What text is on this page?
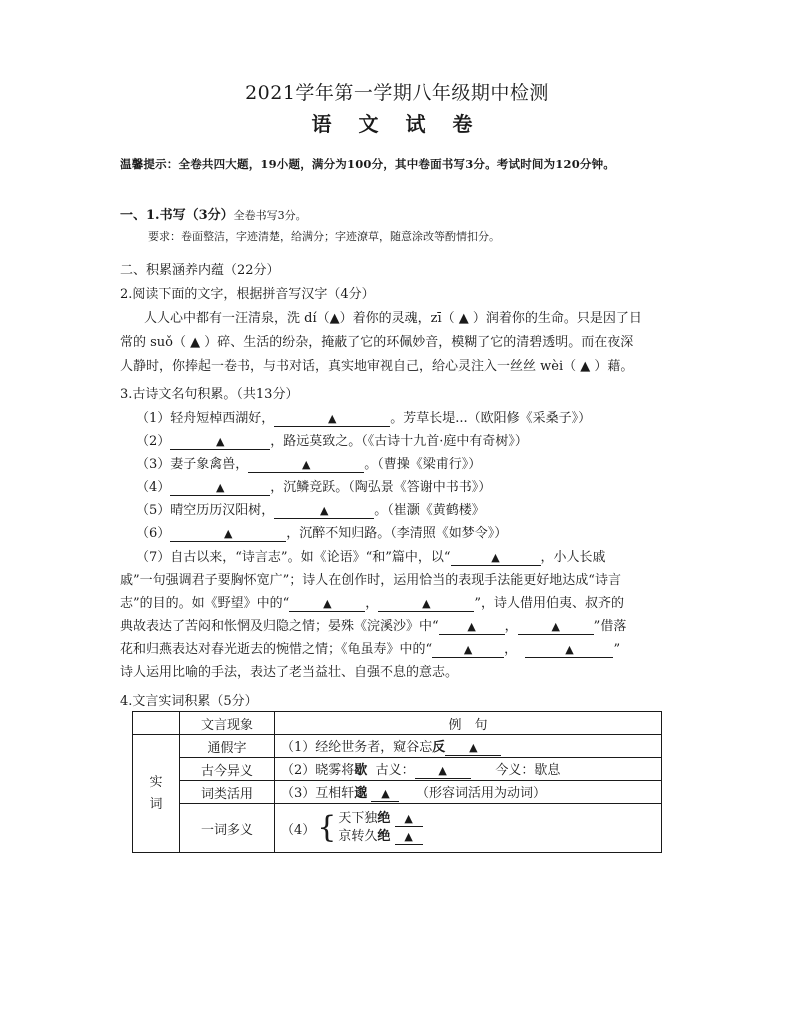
2021学年第一学期八年级期中检测
语 文 试 卷
温馨提示：全卷共四大题，19小题，满分为100分，其中卷面书写3分。考试时间为120分钟。
一、1.书写（3分）全卷书写3分。
要求：卷面整洁，字迹清楚，给满分；字迹潦草，随意涂改等酌情扣分。
二、积累涵养内蕴（22分）
2.阅读下面的文字，根据拼音写汉字（4分）
人人心中都有一汪清泉，洗 dí（▲）着你的灵魂，zī（ ▲ ）润着你的生命。只是因了日
常的 suǒ（ ▲ ）碎、生活的纷杂，掩蔽了它的环佩妙音，模糊了它的清碧透明。而在夜深
人静时，你捧起一卷书，与书对话，真实地审视自己，给心灵注入一丝丝 wèi（ ▲ ）藉。
3.古诗文名句积累。（共13分）
（1）轻舟短棹西湖好，	▲	。芳草长堤...（欧阳修《采桑子》）
（2）	▲	，路远莫致之。（《古诗十九首·庭中有奇树》）
（3）妻子象禽兽，	▲	。（曹操《梁甫行》）
（4）	▲	，沉鳞竞跃。（陶弘景《答谢中书书》）
（5）晴空历历汉阳树，	▲	。（崔灏《黄鹤楼》
（6）	▲	，沉醉不知归路。（李清照《如梦令》）
（7）自古以来，“诗言志”。如《论语》“和”篇中，以“	▲	，小人长戚
戚”一句强调君子要胸怀宽广”；诗人在创作时，运用恰当的表现手法能更好地达成“诗言
志”的目的。如《野望》中的“	▲	，	▲	”，诗人借用伯夷、叔齐的
典故表达了苦闷和怅惘及归隐之情；晏殊《浣溪沙》中“	▲ ，	▲	”借落
花和归燕表达对春光逝去的惋惜之情；《龟虽寿》中的“	▲ ，	▲	”
诗人运用比喻的手法，表达了老当益壮、自强不息的意志。
4.文言实词积累（5分）
	文言现象	例　句

实
词	通假字	（1）经纶世务者，窥谷忘反 ▲
	古今异义	（2）晓雾将歇 古义： ▲ 今义：歇息
	词类活用	（3）互相轩邈 ▲ （形容词活用为动词）
	一词多义	（4） { 天下独绝 ▲
京转久绝 ▲
